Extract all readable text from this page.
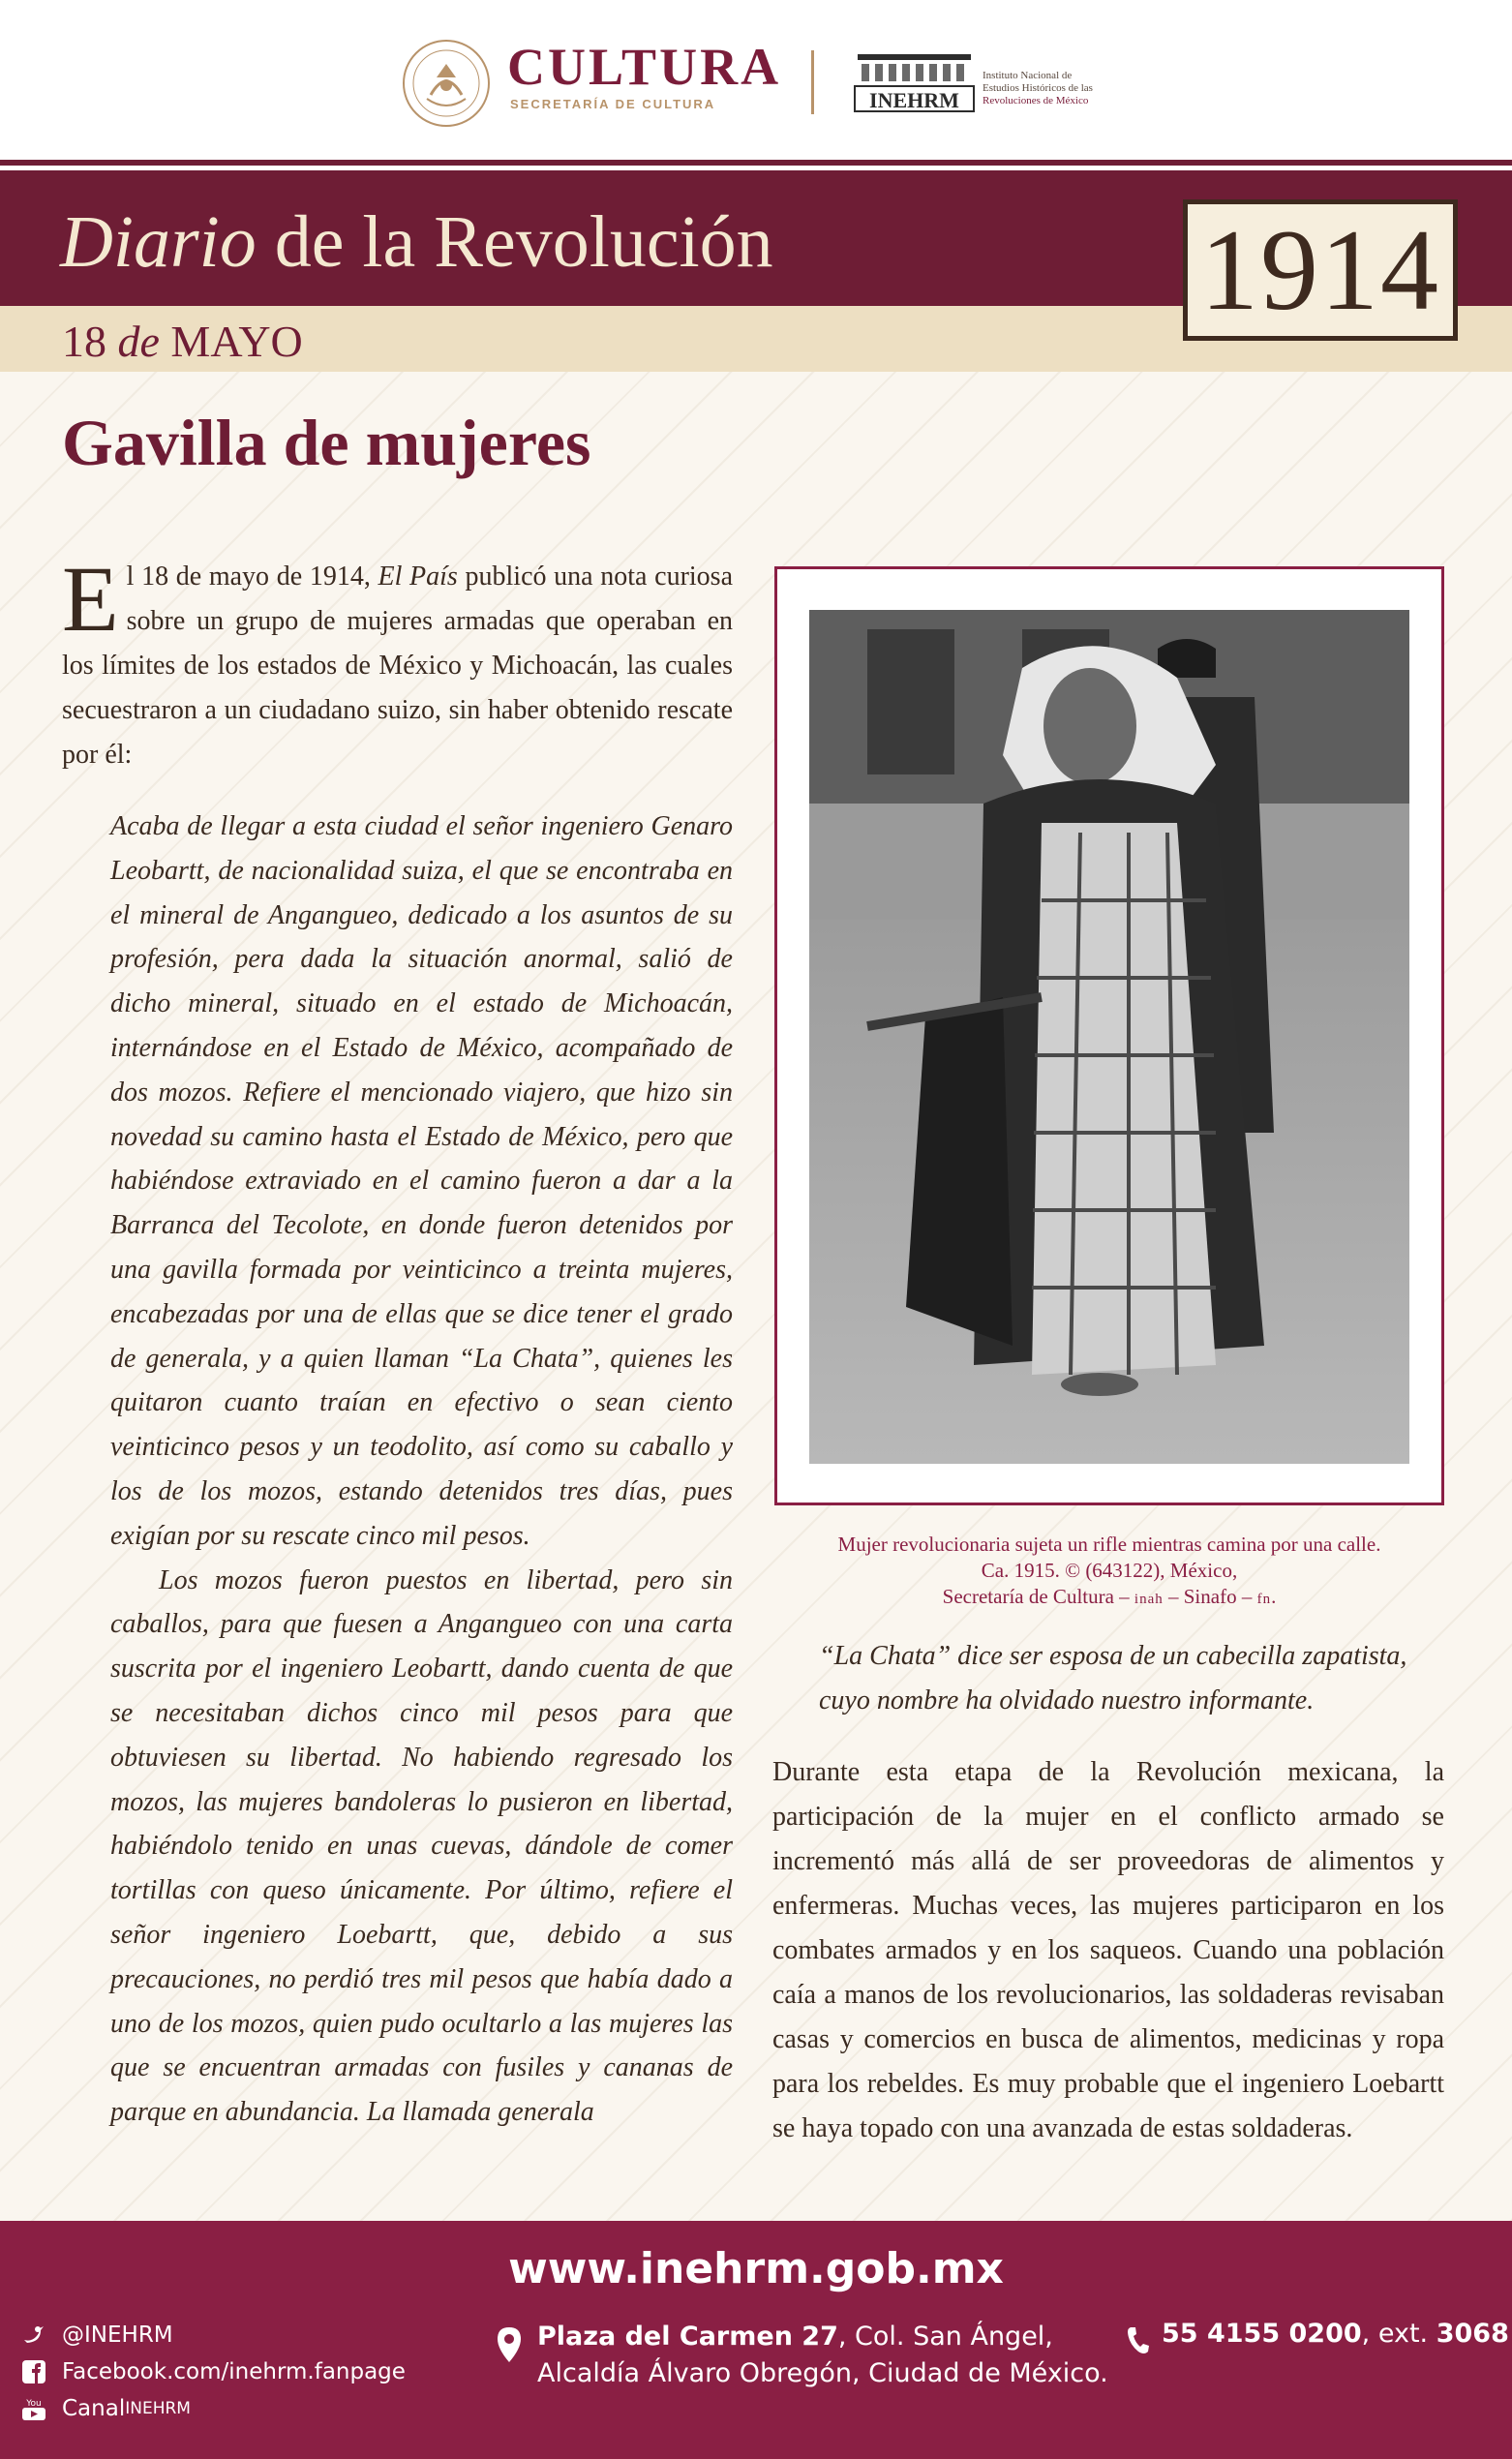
CULTURA
SECRETARÍA DE CULTURA	INEHRM
Instituto Nacional de
Estudios Históricos de las
Revoluciones de México
Diario de la Revolución
18 de MAYO
1914
Gavilla de mujeres

El 18 de mayo de 1914, El País publicó una nota curiosa sobre un grupo de mujeres armadas que operaban en los límites de los estados de México y Michoacán, las cuales secuestraron a un ciudadano suizo, sin haber obtenido rescate por él:

Acaba de llegar a esta ciudad el señor ingeniero Genaro Leobartt, de nacionalidad suiza, el que se encontraba en el mineral de Angangueo, dedicado a los asuntos de su profesión, pera dada la situación anormal, salió de dicho mineral, situado en el estado de Michoacán, internándose en el Estado de México, acompañado de dos mozos. Refiere el mencionado viajero, que hizo sin novedad su camino hasta el Estado de México, pero que habiéndose extraviado en el camino fueron a dar a la Barranca del Tecolote, en donde fueron detenidos por una gavilla formada por veinticinco a treinta mujeres, encabezadas por una de ellas que se dice tener el grado de generala, y a quien llaman “La Chata”, quienes les quitaron cuanto traían en efectivo o sean ciento veinticinco pesos y un teodolito, así como su caballo y los de los mozos, estando detenidos tres días, pues exigían por su rescate cinco mil pesos.

Los mozos fueron puestos en libertad, pero sin caballos, para que fuesen a Angangueo con una carta suscrita por el ingeniero Leobartt, dando cuenta de que se necesitaban dichos cinco mil pesos para que obtuviesen su libertad. No habiendo regresado los mozos, las mujeres bandoleras lo pusieron en libertad, habiéndolo tenido en unas cuevas, dándole de comer tortillas con queso únicamente. Por último, refiere el señor ingeniero Loebartt, que, debido a sus precauciones, no perdió tres mil pesos que había dado a uno de los mozos, quien pudo ocultarlo a las mujeres las que se encuentran armadas con fusiles y cananas de parque en abundancia. La llamada generala

Mujer revolucionaria sujeta un rifle mientras camina por una calle.
Ca. 1915. © (643122), México,
Secretaría de Cultura – inah – Sinafo – fn.
“La Chata” dice ser esposa de un cabecilla zapatista, cuyo nombre ha olvidado nuestro informante.

Durante esta etapa de la Revolución mexicana, la participación de la mujer en el conflicto armado se incrementó más allá de ser proveedoras de alimentos y enfermeras. Muchas veces, las mujeres participaron en los combates armados y en los saqueos. Cuando una población caía a manos de los revolucionarios, las soldaderas revisaban casas y comercios en busca de alimentos, medicinas y ropa para los rebeldes. Es muy probable que el ingeniero Loebartt se haya topado con una avanzada de estas soldaderas.

www.inehrm.gob.mx
@INEHRM
Facebook.com/inehrm.fanpage
You Canal INEHRM
Plaza del Carmen 27, Col. San Ángel,
Alcaldía Álvaro Obregón, Ciudad de México.
55 4155 0200, ext. 3068
